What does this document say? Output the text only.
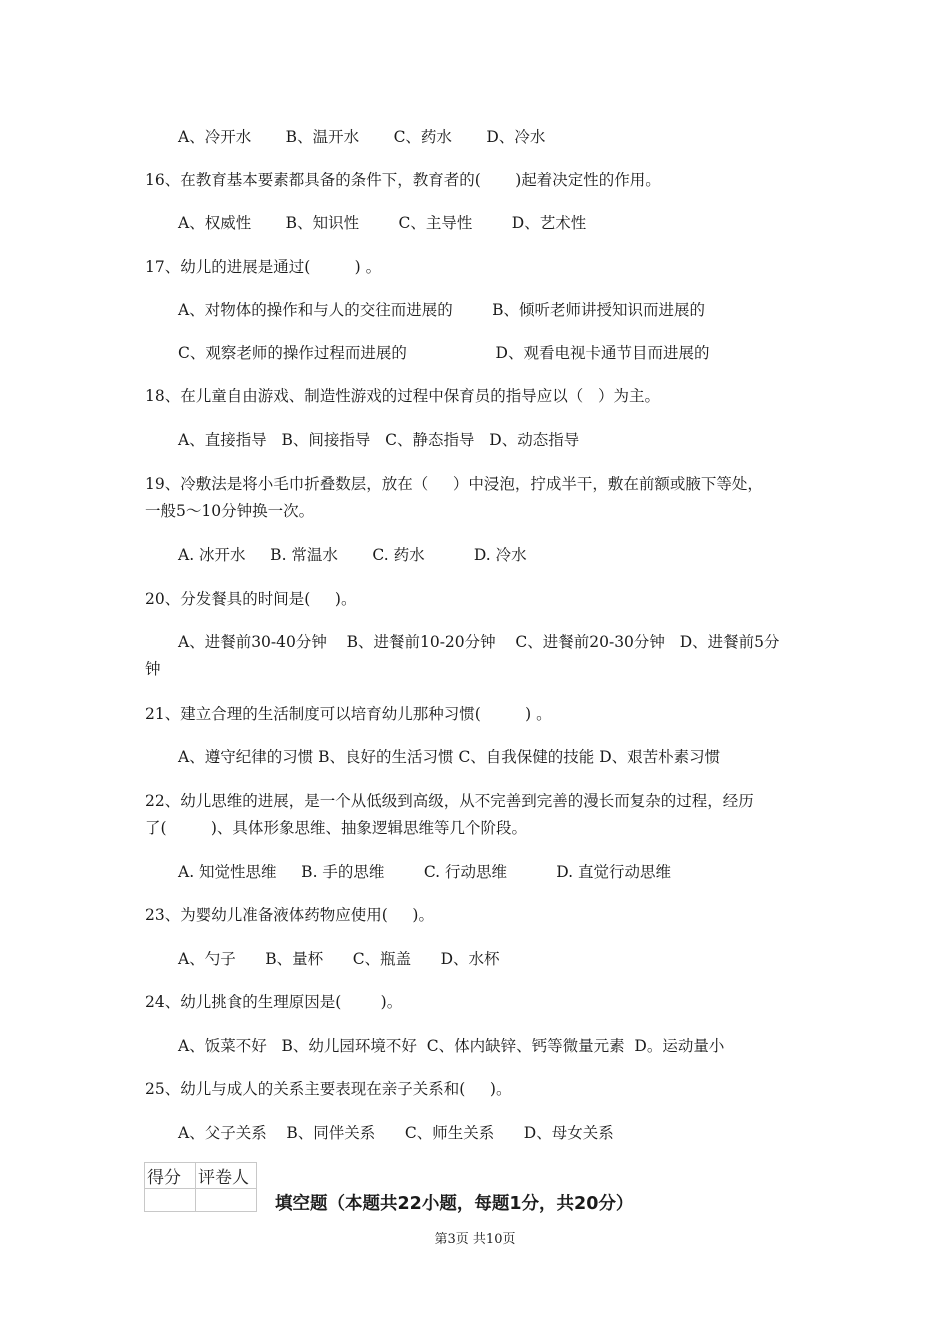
A、冷开水       B、温开水       C、药水       D、冷水
16、在教育基本要素都具备的条件下，教育者的(       )起着决定性的作用。
A、权威性       B、知识性        C、主导性        D、艺术性
17、幼儿的进展是通过(         ) 。
A、对物体的操作和与人的交往而进展的        B、倾听老师讲授知识而进展的
C、观察老师的操作过程而进展的                  D、观看电视卡通节目而进展的
18、在儿童自由游戏、制造性游戏的过程中保育员的指导应以（   ）为主。
A、直接指导   B、间接指导   C、静态指导   D、动态指导
19、冷敷法是将小毛巾折叠数层，放在（     ）中浸泡，拧成半干，敷在前额或腋下等处，
一般5～10分钟换一次。
A. 冰开水     B. 常温水       C. 药水          D. 冷水
20、分发餐具的时间是(     )。
A、进餐前30-40分钟    B、进餐前10-20分钟    C、进餐前20-30分钟   D、进餐前5分
钟
21、建立合理的生活制度可以培育幼儿那种习惯(         ) 。
A、遵守纪律的习惯 B、良好的生活习惯 C、自我保健的技能 D、艰苦朴素习惯
22、幼儿思维的进展，是一个从低级到高级，从不完善到完善的漫长而复杂的过程，经历
了(         )、具体形象思维、抽象逻辑思维等几个阶段。
A. 知觉性思维     B. 手的思维        C. 行动思维          D. 直觉行动思维
23、为婴幼儿准备液体药物应使用(     )。
A、勺子      B、量杯      C、瓶盖      D、水杯
24、幼儿挑食的生理原因是(        )。
A、饭菜不好   B、幼儿园环境不好  C、体内缺锌、钙等微量元素  D。运动量小
25、幼儿与成人的关系主要表现在亲子关系和(     )。
A、父子关系    B、同伴关系      C、师生关系      D、母女关系
得分	评卷人

填空题（本题共22小题，每题1分，共20分）
第3页 共10页
